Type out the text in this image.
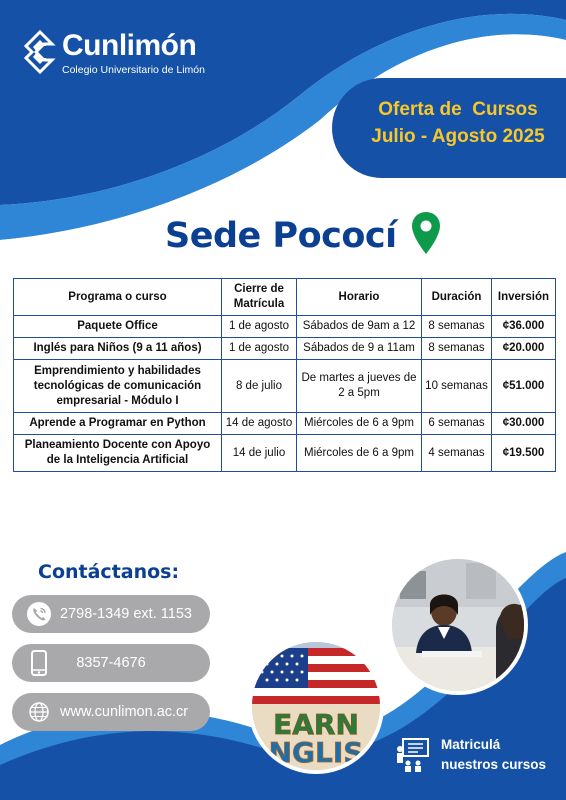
Cunlimón
Colegio Universitario de Limón
Oferta de  Cursos
Julio - Agosto 2025
Sede Pococí
Programa o curso	Cierre de Matrícula	Horario	Duración	Inversión
Paquete Office	1 de agosto	Sábados de 9am a 12	8 semanas	¢36.000
Inglés para Niños (9 a 11 años)	1 de agosto	Sábados de 9 a 11am	8 semanas	¢20.000
Emprendimiento y habilidades tecnológicas de comunicación empresarial - Módulo I	8 de julio	De martes a jueves de 2 a 5pm	10 semanas	¢51.000
Aprende a Programar en Python	14 de agosto	Miércoles de 6 a 9pm	6 semanas	¢30.000
Planeamiento Docente con Apoyo de la Inteligencia Artificial	14 de julio	Miércoles de 6 a 9pm	4 semanas	¢19.500
Contáctanos:
2798-1349 ext. 1153
8357-4676
www.cunlimon.ac.cr	EARN
NGLIS	Matriculá
nuestros cursos
